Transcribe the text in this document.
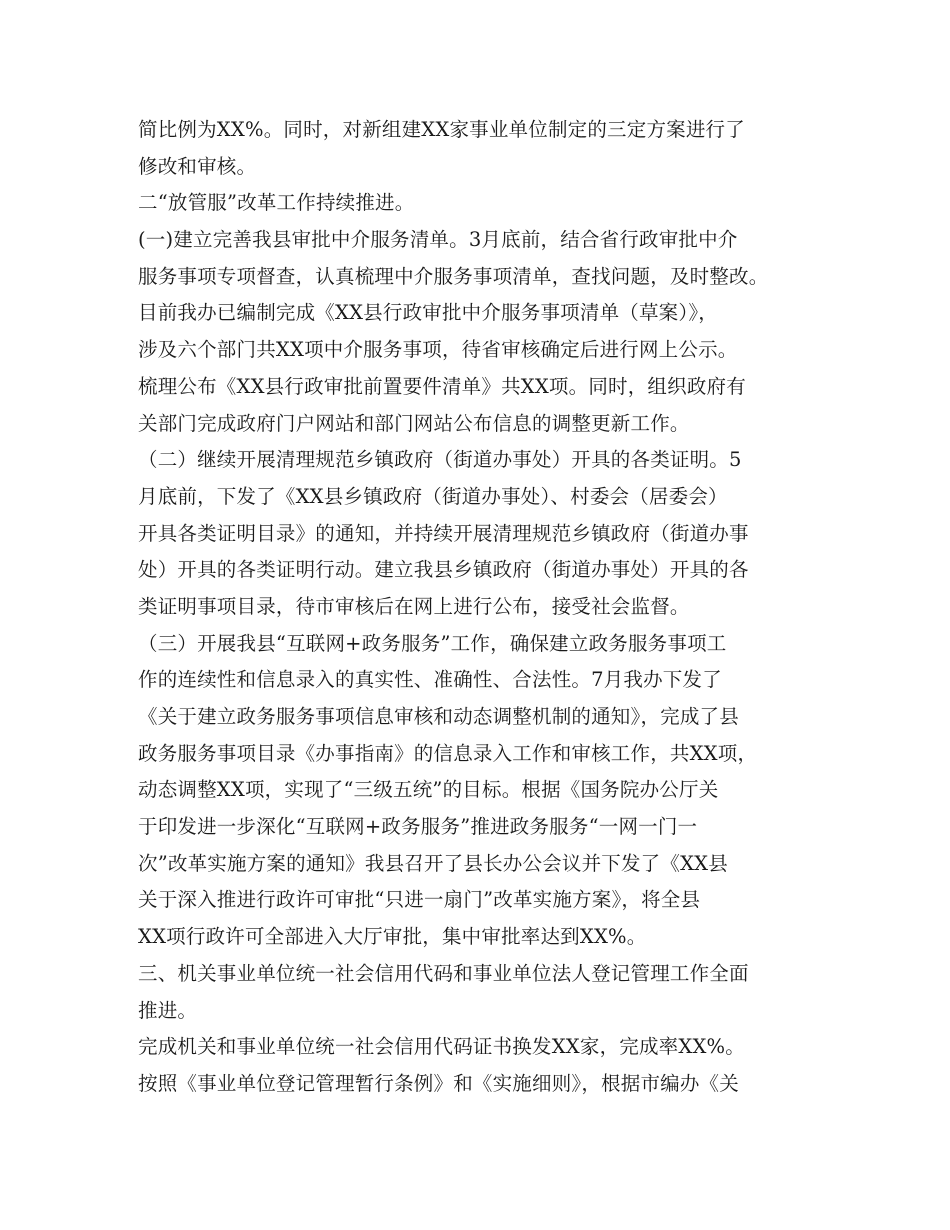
简比例为XX%。同时，对新组建XX家事业单位制定的三定方案进行了
修改和审核。
二“放管服”改革工作持续推进。
(一)建立完善我县审批中介服务清单。3月底前，结合省行政审批中介
服务事项专项督查，认真梳理中介服务事项清单，查找问题，及时整改。
目前我办已编制完成《XX县行政审批中介服务事项清单（草案）》，
涉及六个部门共XX项中介服务事项，待省审核确定后进行网上公示。
梳理公布《XX县行政审批前置要件清单》共XX项。同时，组织政府有
关部门完成政府门户网站和部门网站公布信息的调整更新工作。
（二）继续开展清理规范乡镇政府（街道办事处）开具的各类证明。5
月底前，下发了《XX县乡镇政府（街道办事处）、村委会（居委会）
开具各类证明目录》的通知，并持续开展清理规范乡镇政府（街道办事
处）开具的各类证明行动。建立我县乡镇政府（街道办事处）开具的各
类证明事项目录，待市审核后在网上进行公布，接受社会监督。
（三）开展我县“互联网+政务服务”工作，确保建立政务服务事项工
作的连续性和信息录入的真实性、准确性、合法性。7月我办下发了
《关于建立政务服务事项信息审核和动态调整机制的通知》，完成了县
政务服务事项目录《办事指南》的信息录入工作和审核工作，共XX项，
动态调整XX项，实现了“三级五统”的目标。根据《国务院办公厅关
于印发进一步深化“互联网+政务服务”推进政务服务“一网一门一
次”改革实施方案的通知》我县召开了县长办公会议并下发了《XX县
关于深入推进行政许可审批“只进一扇门”改革实施方案》，将全县
XX项行政许可全部进入大厅审批，集中审批率达到XX%。
三、机关事业单位统一社会信用代码和事业单位法人登记管理工作全面
推进。
完成机关和事业单位统一社会信用代码证书换发XX家，完成率XX%。
按照《事业单位登记管理暂行条例》和《实施细则》，根据市编办《关
